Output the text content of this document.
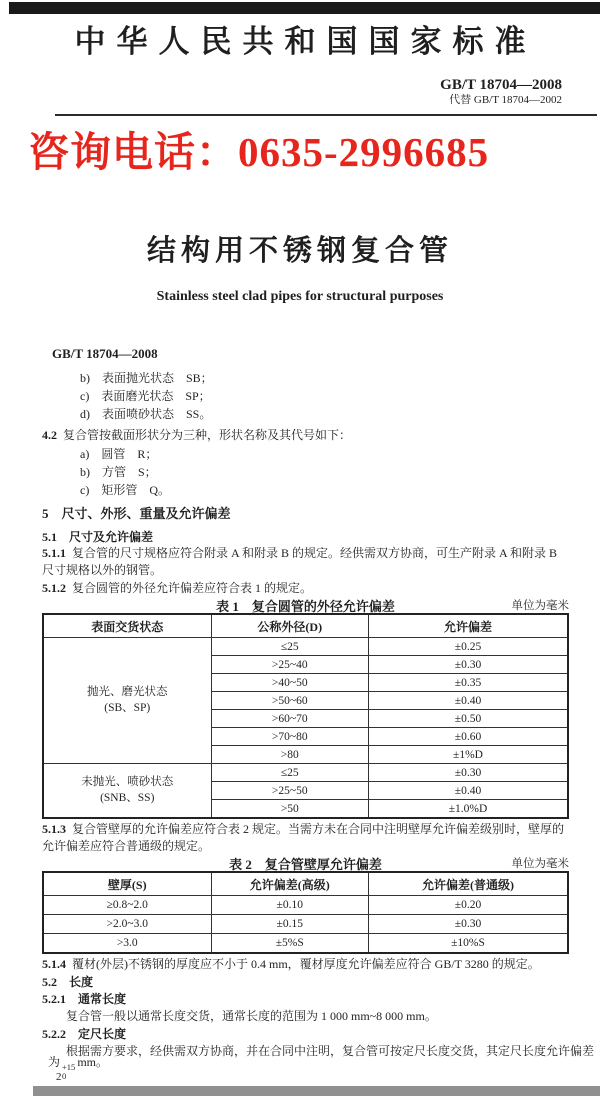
中华人民共和国国家标准
GB/T 18704—2008
代替 GB/T 18704—2002
咨询电话：0635-2996685
结构用不锈钢复合管
Stainless steel clad pipes for structural purposes
GB/T 18704—2008
b)　表面抛光状态　SB；
c)　表面磨光状态　SP；
d)　表面喷砂状态　SS。
4.2 复合管按截面形状分为三种，形状名称及其代号如下：
a)　圆管　R；
b)　方管　S；
c)　矩形管　Q。
5　尺寸、外形、重量及允许偏差
5.1　尺寸及允许偏差
5.1.1 复合管的尺寸规格应符合附录 A 和附录 B 的规定。经供需双方协商，可生产附录 A 和附录 B 尺寸规格以外的钢管。
5.1.2 复合圆管的外径允许偏差应符合表 1 的规定。
表 1　复合圆管的外径允许偏差	单位为毫米
表面交货状态	公称外径(D)	允许偏差

抛光、磨光状态
(SB、SP)	≤25	±0.25
	>25~40	±0.30
	>40~50	±0.35
	>50~60	±0.40
	>60~70	±0.50
	>70~80	±0.60
	>80	±1%D

未抛光、喷砂状态
(SNB、SS)	≤25	±0.30
	>25~50	±0.40
	>50	±1.0%D
5.1.3 复合管壁厚的允许偏差应符合表 2 规定。当需方未在合同中注明壁厚允许偏差级别时，壁厚的允许偏差应符合普通级的规定。
表 2　复合管壁厚允许偏差	单位为毫米
壁厚(S)	允许偏差(高级)	允许偏差(普通级)
≥0.8~2.0	±0.10	±0.20
>2.0~3.0	±0.15	±0.30
>3.0	±5%S	±10%S
5.1.4 覆材(外层)不锈钢的厚度应不小于 0.4 mm，覆材厚度允许偏差应符合 GB/T 3280 的规定。
5.2　长度
5.2.1　通常长度
复合管一般以通常长度交货，通常长度的范围为 1 000 mm~8 000 mm。
5.2.2　定尺长度
根据需方要求，经供需双方协商，并在合同中注明，复合管可按定尺长度交货，其定尺长度允许偏差
为 +15
0
mm。
2
